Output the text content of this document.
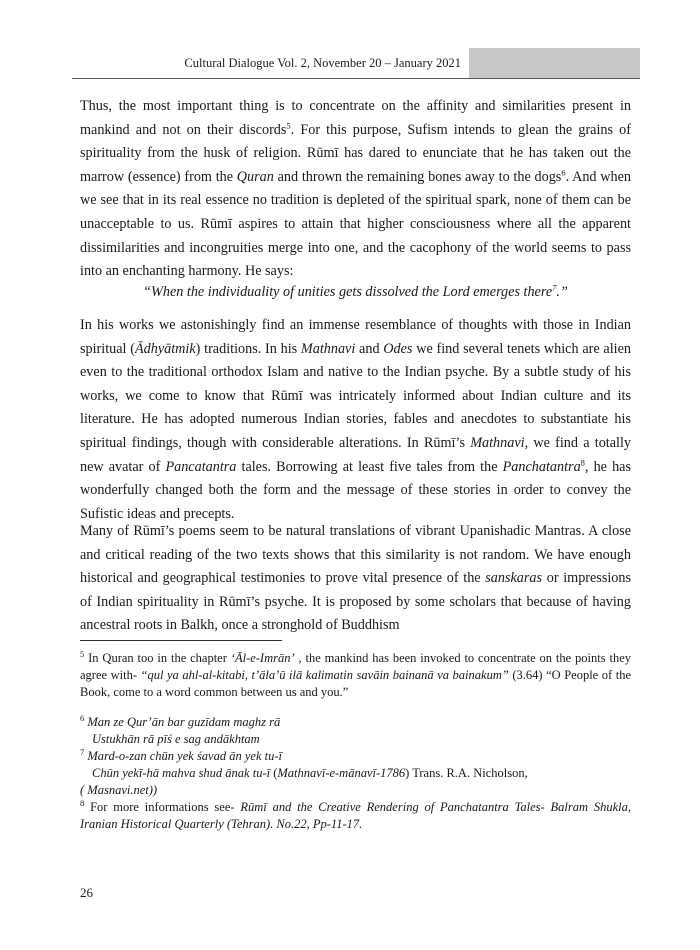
Cultural Dialogue Vol. 2, November 20 – January 2021

Thus, the most important thing is to concentrate on the affinity and similarities present in mankind and not on their discords$^5$. For this purpose, Sufism intends to glean the grains of spirituality from the husk of religion. Rūmī has dared to enunciate that he has taken out the marrow (essence) from the Quran and thrown the remaining bones away to the dogs$^6$. And when we see that in its real essence no tradition is depleted of the spiritual spark, none of them can be unacceptable to us. Rūmī aspires to attain that higher consciousness where all the apparent dissimilarities and incongruities merge into one, and the cacophony of the world seems to pass into an enchanting harmony. He says:

“When the individuality of unities gets dissolved the Lord emerges there$^7$.”

In his works we astonishingly find an immense resemblance of thoughts with those in Indian spiritual (Ādhyātmik) traditions. In his Mathnavi and Odes we find several tenets which are alien even to the traditional orthodox Islam and native to the Indian psyche. By a subtle study of his works, we come to know that Rūmī was intricately informed about Indian culture and its literature. He has adopted numerous Indian stories, fables and anecdotes to substantiate his spiritual findings, though with considerable alterations. In Rūmī’s Mathnavi, we find a totally new avatar of Pancatantra tales. Borrowing at least five tales from the Panchatantra$^8$, he has wonderfully changed both the form and the message of these stories in order to convey the Sufistic ideas and precepts.

Many of Rūmī’s poems seem to be natural translations of vibrant Upanishadic Mantras. A close and critical reading of the two texts shows that this similarity is not random. We have enough historical and geographical testimonies to prove vital presence of the sanskaras or impressions of Indian spirituality in Rūmī’s psyche. It is proposed by some scholars that because of having ancestral roots in Balkh, once a stronghold of Buddhism

$^5$ In Quran too in the chapter ‘Āl-e-Imrān’ , the mankind has been invoked to concentrate on the points they agree with- “qul ya ahl-al-kitabi, t’āla’ū ilā kalimatin savāin bainanā va bainakum” (3.64) “O People of the Book, come to a word common between us and you.”

$^6$ Man ze Qur’ān bar guzīdam maghz rā
Ustukhān rā pīś e sag andākhtam
$^7$ Mard-o-zan chūn yek śavad ān yek tu-ī
Chūn yekī-hā mahva shud ānak tu-ī (Mathnavī-e-mānavī-1786) Trans. R.A. Nicholson,
( Masnavi.net))

$^8$ For more informations see- Rūmī and the Creative Rendering of Panchatantra Tales- Balram Shukla, Iranian Historical Quarterly (Tehran). No.22, Pp-11-17.

26
